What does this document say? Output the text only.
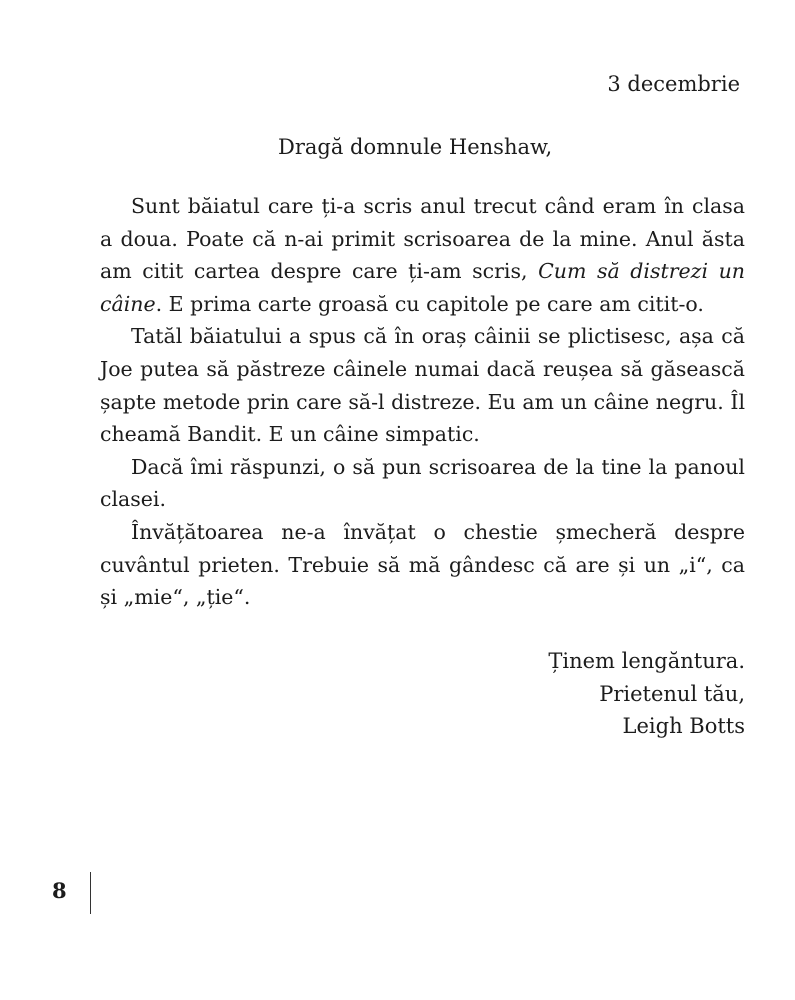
3 decembrie
Dragă domnule Henshaw,

Sunt băiatul care ți-a scris anul trecut când eram în clasa a doua. Poate că n-ai primit scrisoarea de la mine. Anul ăsta am citit cartea despre care ți-am scris, Cum să distrezi un câine. E prima carte groasă cu capitole pe care am citit-o.

Tatăl băiatului a spus că în oraș câinii se plictisesc, așa că Joe putea să păstreze câinele numai dacă reușea să găsească șapte metode prin care să-l distreze. Eu am un câine negru. Îl cheamă Bandit. E un câine simpatic.

Dacă îmi răspunzi, o să pun scrisoarea de la tine la panoul clasei.

Învățătoarea ne-a învățat o chestie șmecheră despre cuvântul prieten. Trebuie să mă gândesc că are și un „i“, ca și „mie“, „ție“.

Ținem lengăntura.
Prietenul tău,
Leigh Botts
8
